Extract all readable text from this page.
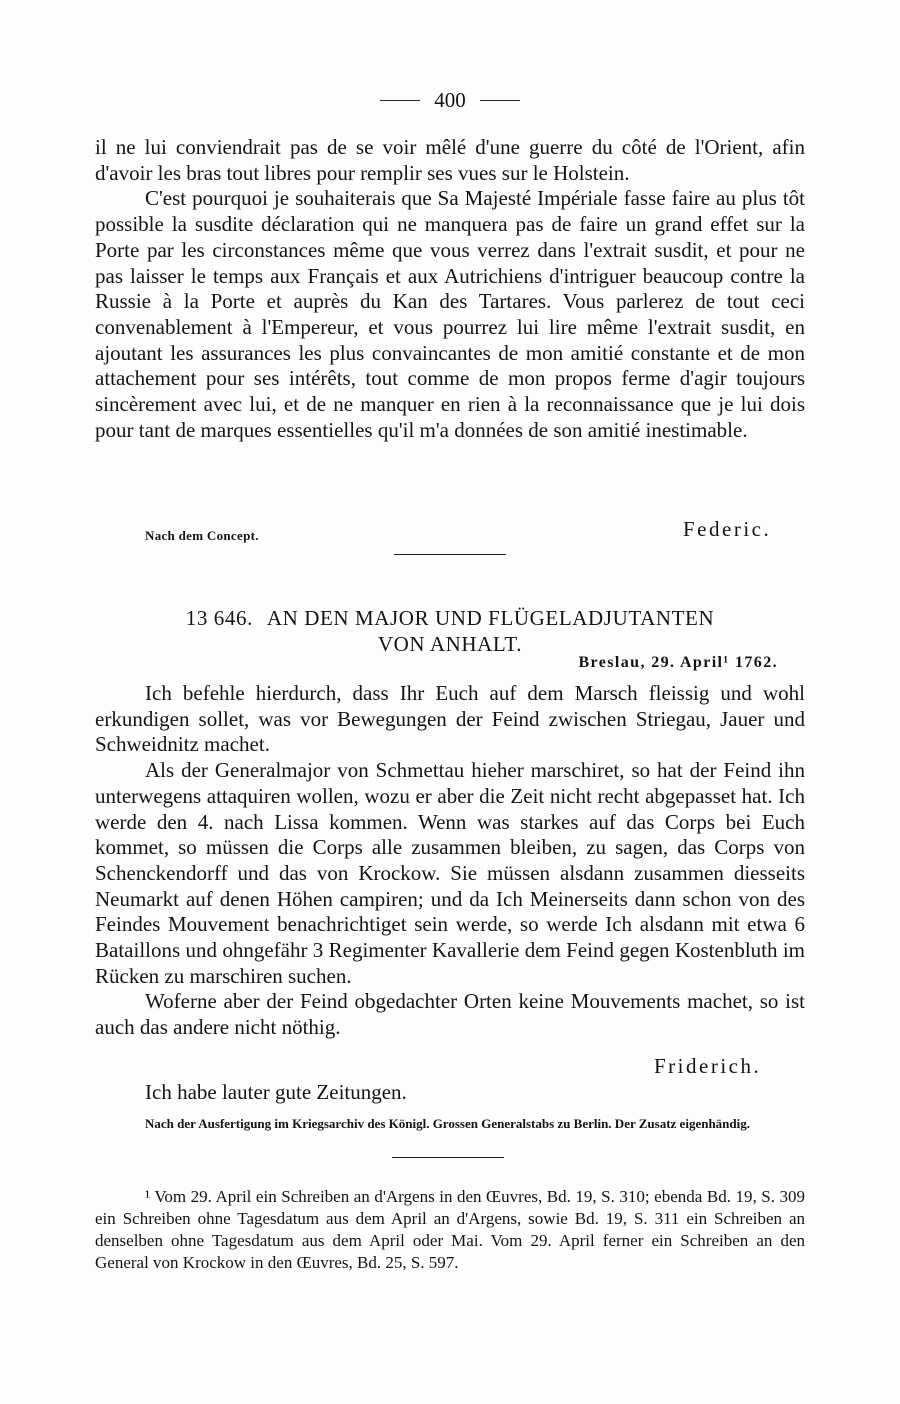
400

il ne lui conviendrait pas de se voir mêlé d'une guerre du côté de l'Orient, afin d'avoir les bras tout libres pour remplir ses vues sur le Holstein.

C'est pourquoi je souhaiterais que Sa Majesté Impériale fasse faire au plus tôt possible la susdite déclaration qui ne manquera pas de faire un grand effet sur la Porte par les circonstances même que vous verrez dans l'extrait susdit, et pour ne pas laisser le temps aux Français et aux Autrichiens d'intriguer beaucoup contre la Russie à la Porte et auprès du Kan des Tartares. Vous parlerez de tout ceci convenablement à l'Empereur, et vous pourrez lui lire même l'extrait susdit, en ajoutant les assurances les plus convaincantes de mon amitié constante et de mon attachement pour ses intérêts, tout comme de mon propos ferme d'agir toujours sincèrement avec lui, et de ne manquer en rien à la reconnaissance que je lui dois pour tant de marques essentielles qu'il m'a données de son amitié inestimable.

Nach dem Concept.	Federic.
13 646. AN DEN MAJOR UND FLÜGELADJUTANTEN
VON ANHALT.
Breslau, 29. April¹ 1762.

Ich befehle hierdurch, dass Ihr Euch auf dem Marsch fleissig und wohl erkundigen sollet, was vor Bewegungen der Feind zwischen Striegau, Jauer und Schweidnitz machet.

Als der Generalmajor von Schmettau hieher marschiret, so hat der Feind ihn unterwegens attaquiren wollen, wozu er aber die Zeit nicht recht abgepasset hat. Ich werde den 4. nach Lissa kommen. Wenn was starkes auf das Corps bei Euch kommet, so müssen die Corps alle zusammen bleiben, zu sagen, das Corps von Schenckendorff und das von Krockow. Sie müssen alsdann zusammen diesseits Neumarkt auf denen Höhen campiren; und da Ich Meinerseits dann schon von des Feindes Mouvement benachrichtiget sein werde, so werde Ich alsdann mit etwa 6 Bataillons und ohngefähr 3 Regimenter Kavallerie dem Feind gegen Kostenbluth im Rücken zu marschiren suchen.

Woferne aber der Feind obgedachter Orten keine Mouvements machet, so ist auch das andere nicht nöthig.

Friderich.
Ich habe lauter gute Zeitungen.
Nach der Ausfertigung im Kriegsarchiv des Königl. Grossen Generalstabs zu Berlin. Der Zusatz eigenhändig.
¹ Vom 29. April ein Schreiben an d'Argens in den Œuvres, Bd. 19, S. 310; ebenda Bd. 19, S. 309 ein Schreiben ohne Tagesdatum aus dem April an d'Argens, sowie Bd. 19, S. 311 ein Schreiben an denselben ohne Tagesdatum aus dem April oder Mai. Vom 29. April ferner ein Schreiben an den General von Krockow in den Œuvres, Bd. 25, S. 597.
